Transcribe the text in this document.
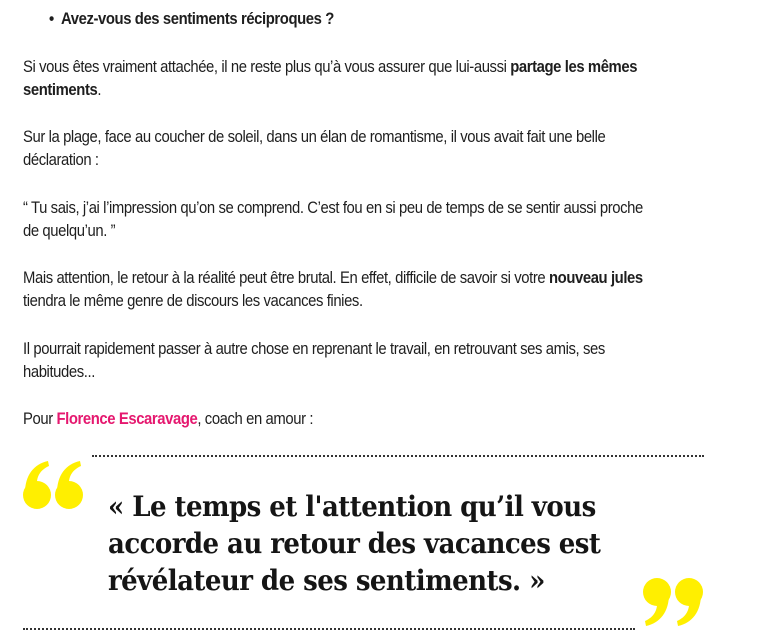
• Avez-vous des sentiments réciproques ?

Si vous êtes vraiment attachée, il ne reste plus qu’à vous assurer que lui-aussi partage les mêmes sentiments.

Sur la plage, face au coucher de soleil, dans un élan de romantisme, il vous avait fait une belle déclaration :

“ Tu sais, j’ai l’impression qu’on se comprend. C’est fou en si peu de temps de se sentir aussi proche de quelqu’un. ”

Mais attention, le retour à la réalité peut être brutal. En effet, difficile de savoir si votre nouveau jules tiendra le même genre de discours les vacances finies.

Il pourrait rapidement passer à autre chose en reprenant le travail, en retrouvant ses amis, ses habitudes...

Pour Florence Escaravage, coach en amour :

« Le temps et l'attention qu’il vous accorde au retour des vacances est révélateur de ses sentiments. »
